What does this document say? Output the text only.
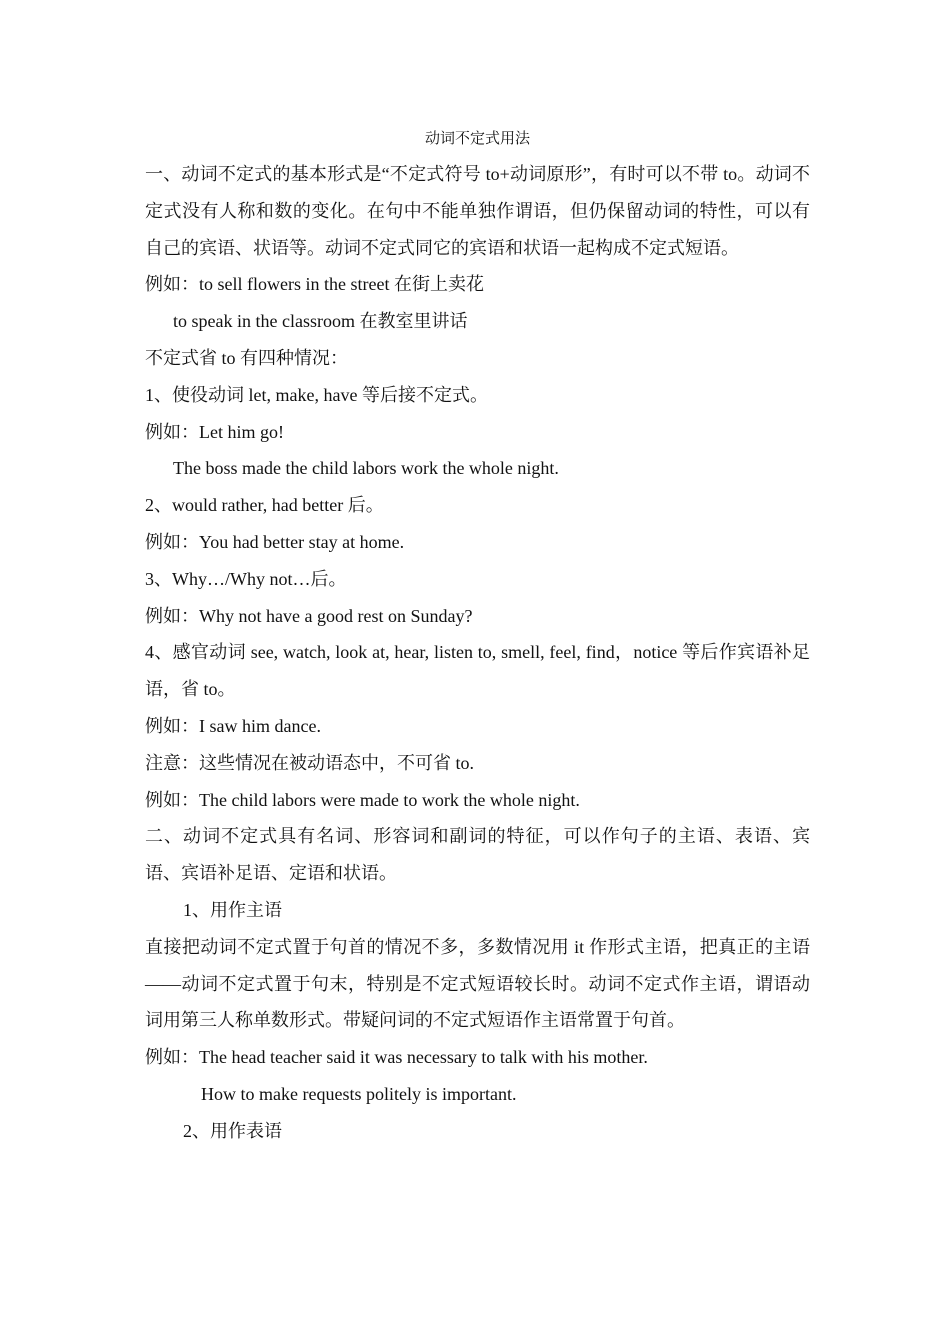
动词不定式用法

一、动词不定式的基本形式是“不定式符号 to+动词原形”，有时可以不带 to。动词不定式没有人称和数的变化。在句中不能单独作谓语，但仍保留动词的特性，可以有自己的宾语、状语等。动词不定式同它的宾语和状语一起构成不定式短语。

例如：to sell flowers in the street 在街上卖花

to speak in the classroom 在教室里讲话

不定式省 to 有四种情况：

1、使役动词 let, make, have 等后接不定式。

例如：Let him go!

The boss made the child labors work the whole night.

2、would rather, had better 后。

例如：You had better stay at home.

3、Why…/Why not…后。

例如：Why not have a good rest on Sunday?

4、感官动词 see, watch, look at, hear, listen to, smell, feel, find，notice 等后作宾语补足语，省 to。

例如：I saw him dance.

注意：这些情况在被动语态中，不可省 to.

例如：The child labors were made to work the whole night.

二、动词不定式具有名词、形容词和副词的特征，可以作句子的主语、表语、宾语、宾语补足语、定语和状语。

1、用作主语

直接把动词不定式置于句首的情况不多，多数情况用 it 作形式主语，把真正的主语——动词不定式置于句末，特别是不定式短语较长时。动词不定式作主语，谓语动词用第三人称单数形式。带疑问词的不定式短语作主语常置于句首。

例如：The head teacher said it was necessary to talk with his mother.

How to make requests politely is important.

2、用作表语
